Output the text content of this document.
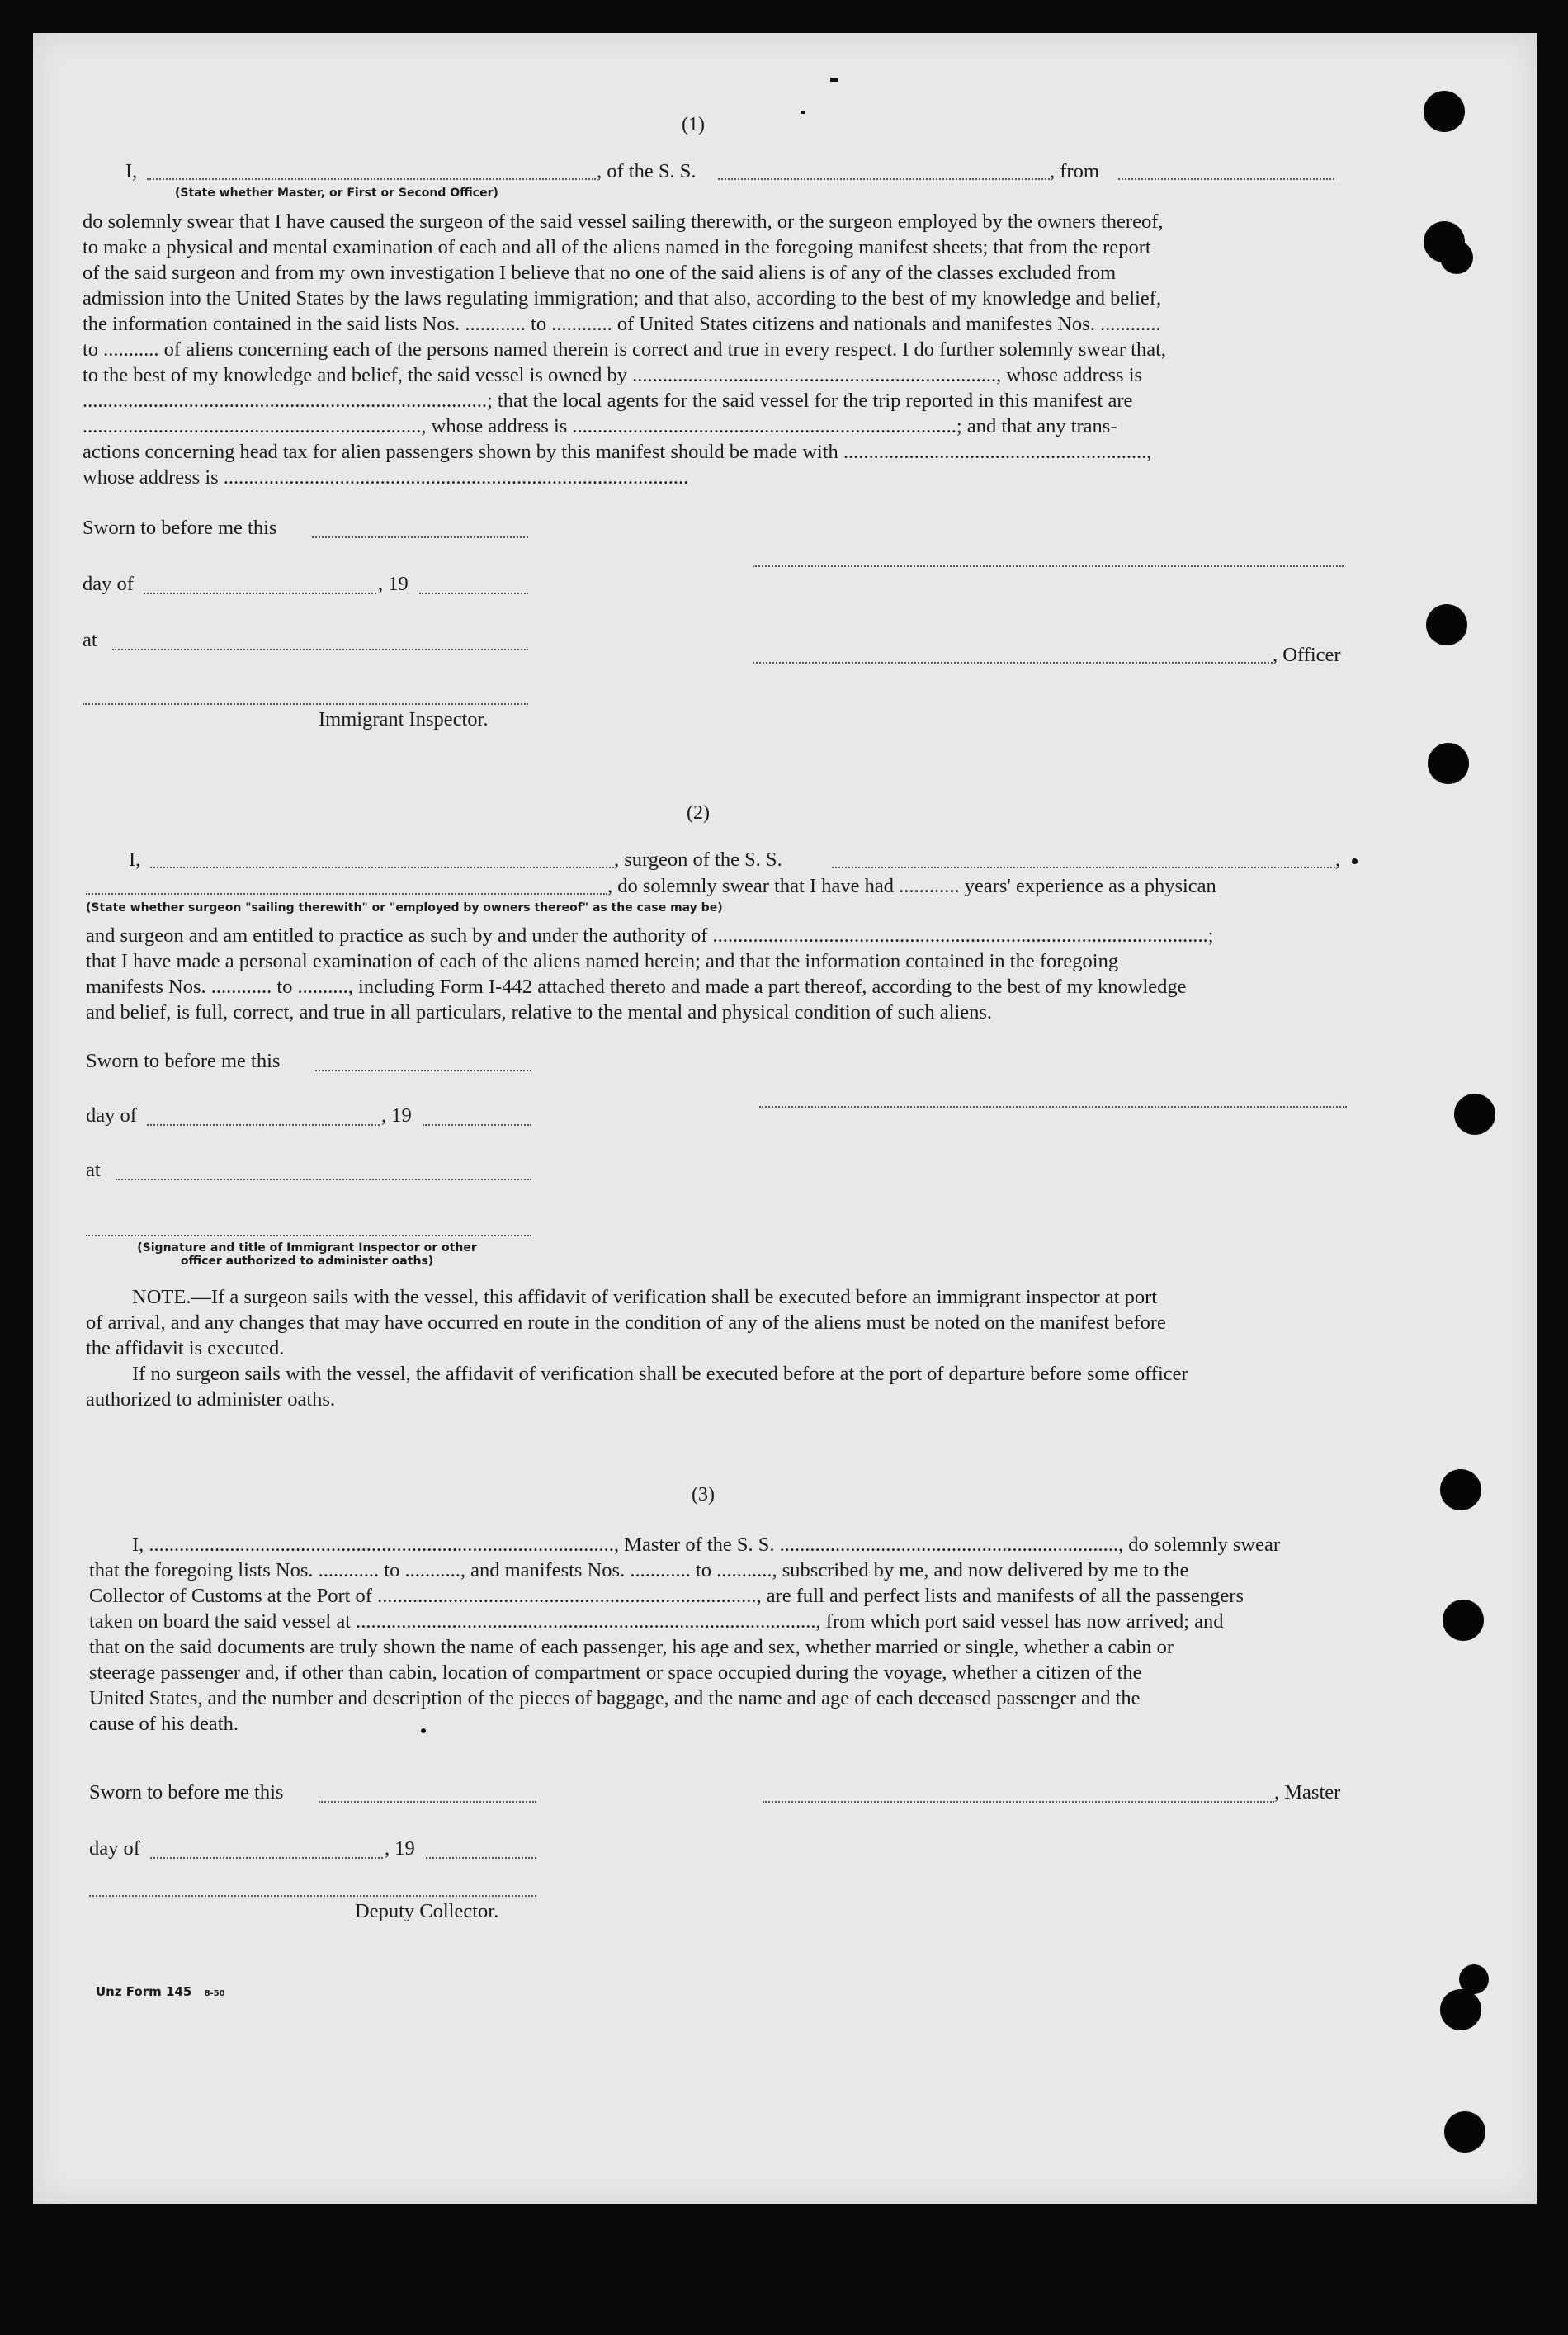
(1)
I,	, of the S. S.	, from
(State whether Master, or First or Second Officer)
do solemnly swear that I have caused the surgeon of the said vessel sailing therewith, or the surgeon employed by the owners thereof,
to make a physical and mental examination of each and all of the aliens named in the foregoing manifest sheets; that from the report
of the said surgeon and from my own investigation I believe that no one of the said aliens is of any of the classes excluded from
admission into the United States by the laws regulating immigration; and that also, according to the best of my knowledge and belief,
the information contained in the said lists Nos. ............ to ............ of United States citizens and nationals and manifestes Nos. ............
to ........... of aliens concerning each of the persons named therein is correct and true in every respect. I do further solemnly swear that,
to the best of my knowledge and belief, the said vessel is owned by ........................................................................, whose address is
................................................................................; that the local agents for the said vessel for the trip reported in this manifest are
..................................................................., whose address is ............................................................................; and that any trans-
actions concerning head tax for alien passengers shown by this manifest should be made with ............................................................,
whose address is ............................................................................................
Sworn to before me this
day of	, 19
at
, Officer
Immigrant Inspector.
(2)
I,	, surgeon of the S. S.	,
, do solemnly swear that I have had ............ years' experience as a physican
(State whether surgeon "sailing therewith" or "employed by owners thereof" as the case may be)
and surgeon and am entitled to practice as such by and under the authority of ..................................................................................................;
that I have made a personal examination of each of the aliens named herein; and that the information contained in the foregoing
manifests Nos. ............ to .........., including Form I-442 attached thereto and made a part thereof, according to the best of my knowledge
and belief, is full, correct, and true in all particulars, relative to the mental and physical condition of such aliens.
Sworn to before me this
day of	, 19
at
(Signature and title of Immigrant Inspector or other
officer authorized to administer oaths)
NOTE.—If a surgeon sails with the vessel, this affidavit of verification shall be executed before an immigrant inspector at port
of arrival, and any changes that may have occurred en route in the condition of any of the aliens must be noted on the manifest before
the affidavit is executed.
If no surgeon sails with the vessel, the affidavit of verification shall be executed before at the port of departure before some officer
authorized to administer oaths.
(3)
I, ............................................................................................, Master of the S. S. ..................................................................., do solemnly swear
that the foregoing lists Nos. ............ to ..........., and manifests Nos. ............ to ..........., subscribed by me, and now delivered by me to the
Collector of Customs at the Port of ..........................................................................., are full and perfect lists and manifests of all the passengers
taken on board the said vessel at ..........................................................................................., from which port said vessel has now arrived; and
that on the said documents are truly shown the name of each passenger, his age and sex, whether married or single, whether a cabin or
steerage passenger and, if other than cabin, location of compartment or space occupied during the voyage, whether a citizen of the
United States, and the number and description of the pieces of baggage, and the name and age of each deceased passenger and the
cause of his death.
Sworn to before me this	, Master
day of	, 19
Deputy Collector.
Unz Form 145 8-50
